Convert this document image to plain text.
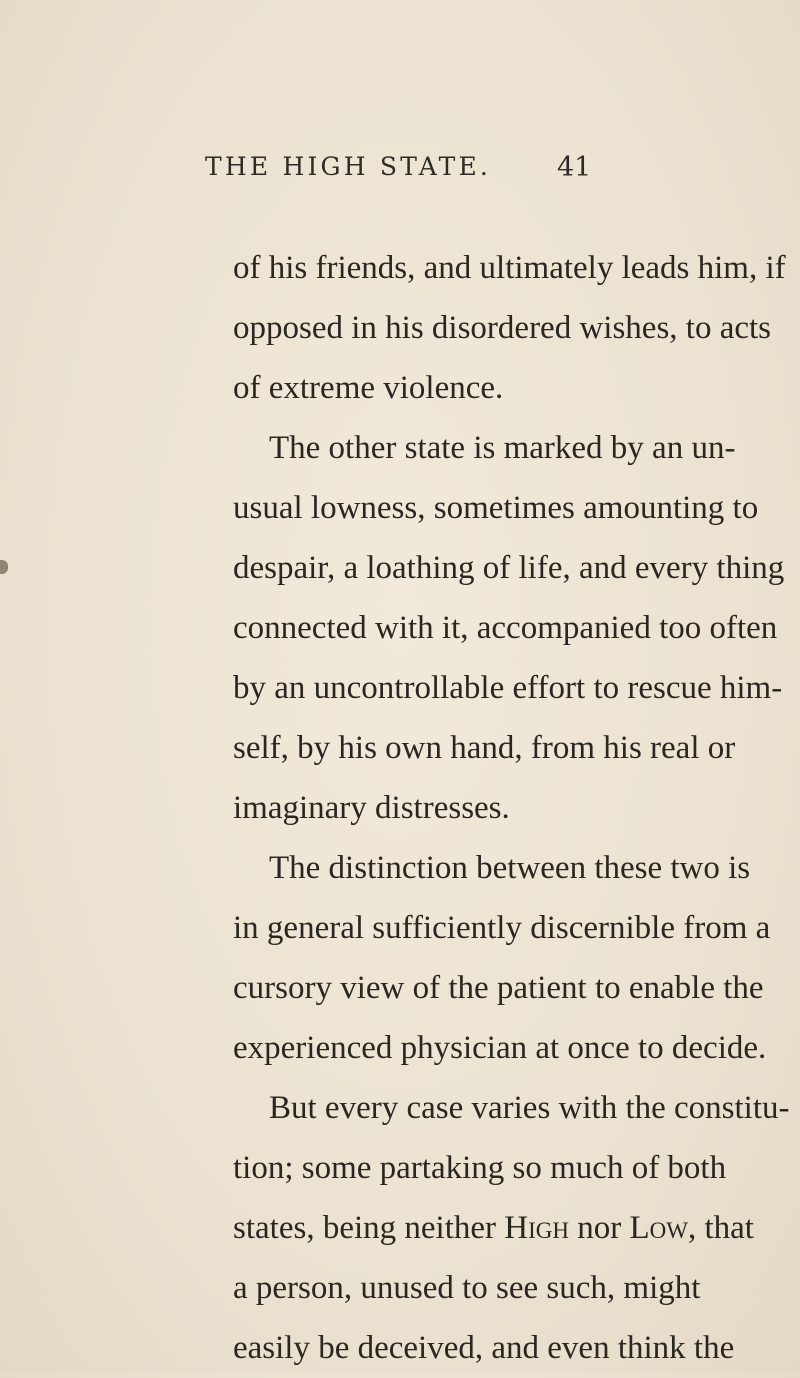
THE HIGH STATE. 41
of his friends, and ultimately leads him, if
opposed in his disordered wishes, to acts
of extreme violence.
The other state is marked by an un-
usual lowness, sometimes amounting to
despair, a loathing of life, and every thing
connected with it, accompanied too often
by an uncontrollable effort to rescue him-
self, by his own hand, from his real or
imaginary distresses.
The distinction between these two is
in general sufficiently discernible from a
cursory view of the patient to enable the
experienced physician at once to decide.
But every case varies with the constitu-
tion; some partaking so much of both
states, being neither High nor Low, that
a person, unused to see such, might
easily be deceived, and even think the
